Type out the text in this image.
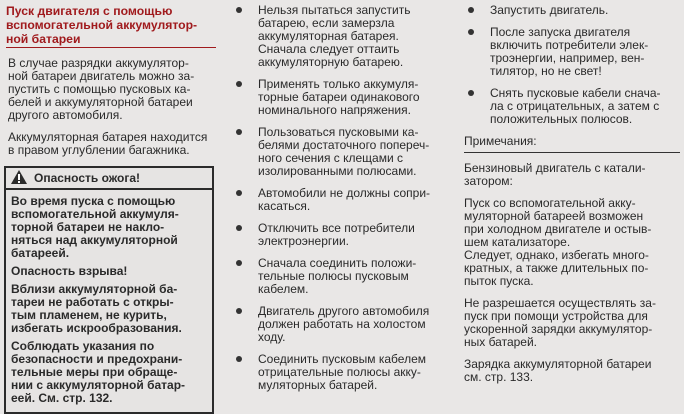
Пуск двигателя с помощью
вспомогательной аккумулятор-
ной батареи
В случае разрядки аккумулятор-
ной батареи двигатель можно за-
пустить с помощью пусковых ка-
белей и аккумуляторной батареи
другого автомобиля.
Аккумуляторная батарея находится
в правом углублении багажника.
Опасность ожога!
Во время пуска с помощью
вспомогательной аккумуля-
торной батареи не накло-
няться над аккумуляторной
батареей.
Опасность взрыва!
Вблизи аккумуляторной ба-
тареи не работать с откры-
тым пламенем, не курить,
избегать искрообразования.
Соблюдать указания по
безопасности и предохрани-
тельные меры при обраще-
нии с аккумуляторной батар-
еей. См. стр. 132.
Нельзя пытаться запустить
батарею, если замерзла
аккумуляторная батарея.
Сначала следует оттаить
аккумуляторную батарею.
Применять только аккумуля-
торные батареи одинакового
номинального напряжения.
Пользоваться пусковыми ка-
белями достаточного попереч-
ного сечения с клещами с
изолированными полюсами.
Автомобили не должны сопри-
касаться.
Отключить все потребители
электроэнергии.
Сначала соединить положи-
тельные полюсы пусковым
кабелем.
Двигатель другого автомобиля
должен работать на холостом
ходу.
Соединить пусковым кабелем
отрицательные полюсы акку-
муляторных батарей.
Запустить двигатель.
После запуска двигателя
включить потребители элек-
троэнергии, например, вен-
тилятор, но не свет!
Снять пусковые кабели снача-
ла с отрицательных, а затем с
положительных полюсов.
Примечания:
Бензиновый двигатель с катали-
затором:
Пуск со вспомогательной акку-
муляторной батареей возможен
при холодном двигателе и остыв-
шем катализаторе.
Следует, однако, избегать много-
кратных, а также длительных по-
пыток пуска.
Не разрешается осуществлять за-
пуск при помощи устройства для
ускоренной зарядки аккумулятор-
ных батарей.
Зарядка аккумуляторной батареи
см. стр. 133.
